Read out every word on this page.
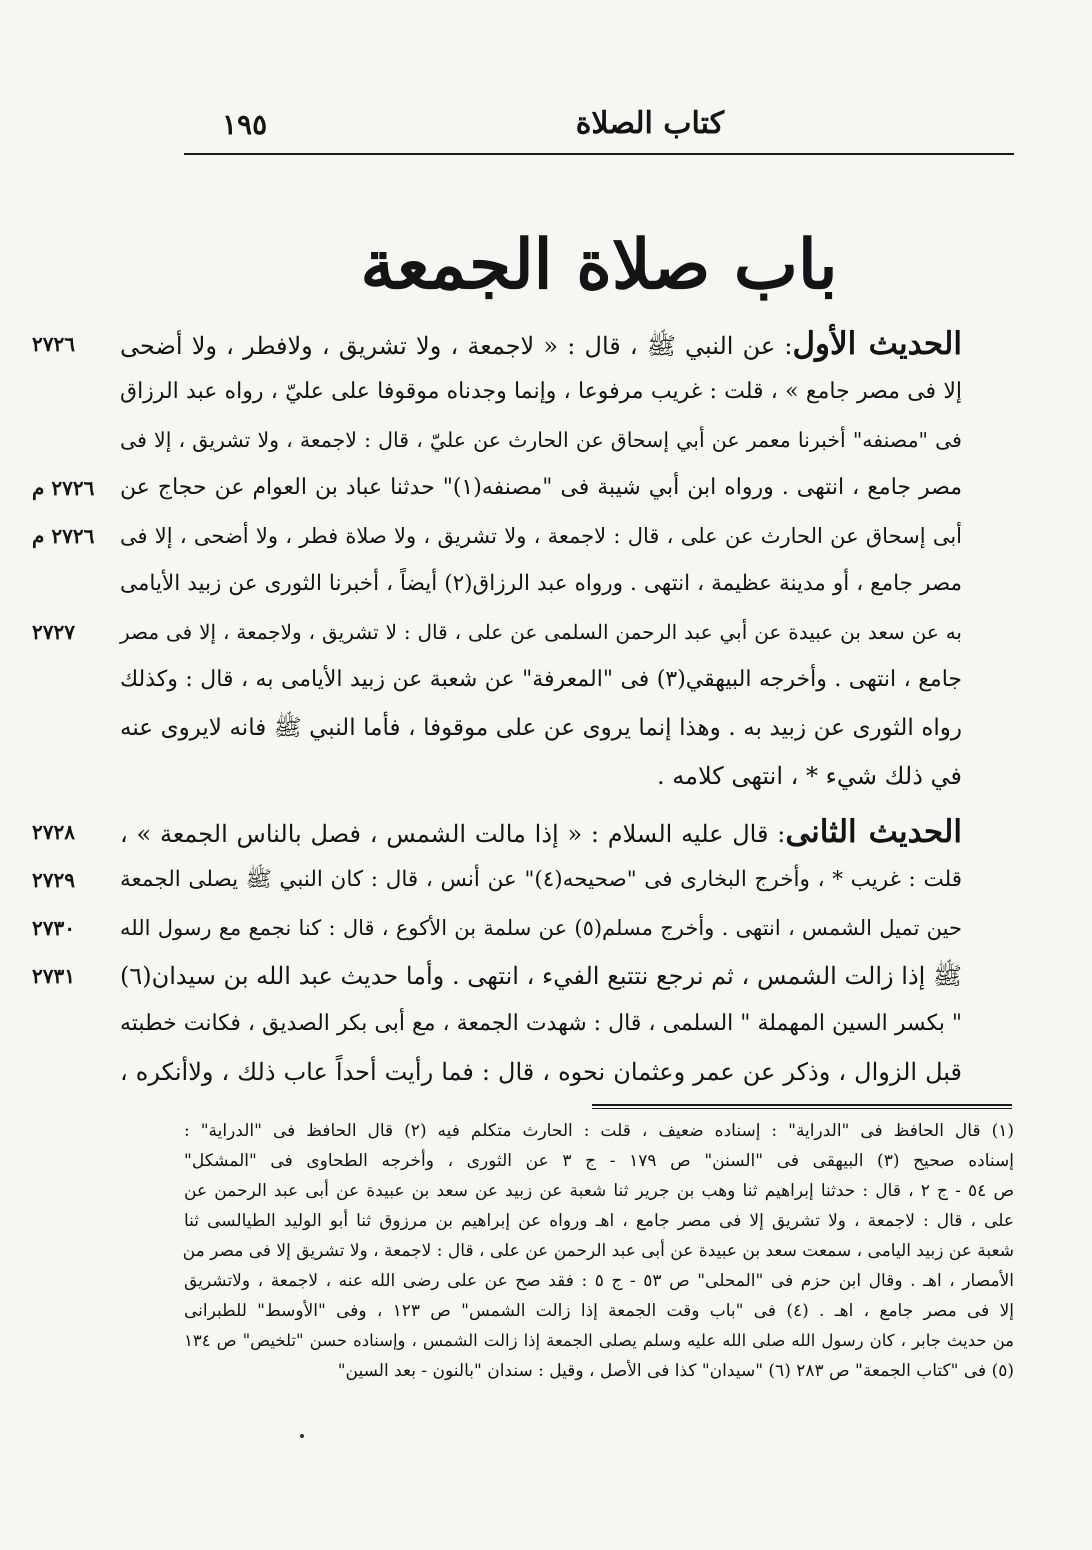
كتاب الصلاة
١٩٥
باب صلاة الجمعة
الحديث الأول: عن النبي ﷺ ، قال : « لاجمعة ، ولا تشريق ، ولافطر ، ولا أضحى
إلا فى مصر جامع » ، قلت : غريب مرفوعا ، وإنما وجدناه موقوفا على عليّ ، رواه عبد الرزاق
فى "مصنفه" أخبرنا معمر عن أبي إسحاق عن الحارث عن عليّ ، قال : لاجمعة ، ولا تشريق ، إلا فى
مصر جامع ، انتهى . ورواه ابن أبي شيبة فى "مصنفه(١)" حدثنا عباد بن العوام عن حجاج عن
أبى إسحاق عن الحارث عن على ، قال : لاجمعة ، ولا تشريق ، ولا صلاة فطر ، ولا أضحى ، إلا فى
مصر جامع ، أو مدينة عظيمة ، انتهى . ورواه عبد الرزاق(٢) أيضاً ، أخبرنا الثورى عن زبيد الأيامى
به عن سعد بن عبيدة عن أبي عبد الرحمن السلمى عن على ، قال : لا تشريق ، ولاجمعة ، إلا فى مصر
جامع ، انتهى . وأخرجه البيهقي(٣) فى "المعرفة" عن شعبة عن زبيد الأيامى به ، قال : وكذلك
رواه الثورى عن زبيد به . وهذا إنما يروى عن على موقوفا ، فأما النبي ﷺ فانه لايروى عنه
في ذلك شيء * ، انتهى كلامه .
الحديث الثانى: قال عليه السلام : « إذا مالت الشمس ، فصل بالناس الجمعة » ،
قلت : غريب * ، وأخرج البخارى فى "صحيحه(٤)" عن أنس ، قال : كان النبي ﷺ يصلى الجمعة
حين تميل الشمس ، انتهى . وأخرج مسلم(٥) عن سلمة بن الأكوع ، قال : كنا نجمع مع رسول الله
ﷺ إذا زالت الشمس ، ثم نرجع نتتبع الفيء ، انتهى . وأما حديث عبد الله بن سيدان(٦)
" بكسر السين المهملة " السلمى ، قال : شهدت الجمعة ، مع أبى بكر الصديق ، فكانت خطبته
قبل الزوال ، وذكر عن عمر وعثمان نحوه ، قال : فما رأيت أحداً عاب ذلك ، ولاأنكره ،
٢٧٢٦
٢٧٢٦ م
٢٧٢٦ م
٢٧٢٧
٢٧٢٨
٢٧٢٩
٢٧٣٠
٢٧٣١
(١) قال الحافظ فى "الدراية" : إسناده ضعيف ، قلت : الحارث متكلم فيه (٢) قال الحافظ فى "الدراية" :
إسناده صحيح (٣) البيهقى فى "السنن" ص ١٧٩ - ج ٣ عن الثورى ، وأخرجه الطحاوى فى "المشكل"
ص ٥٤ - ج ٢ ، قال : حدثنا إبراهيم ثنا وهب بن جرير ثنا شعبة عن زبيد عن سعد بن عبيدة عن أبى عبد الرحمن عن
على ، قال : لاجمعة ، ولا تشريق إلا فى مصر جامع ، اهـ ورواه عن إبراهيم بن مرزوق ثنا أبو الوليد الطيالسى ثنا
شعبة عن زبيد اليامى ، سمعت سعد بن عبيدة عن أبى عبد الرحمن عن على ، قال : لاجمعة ، ولا تشريق إلا فى مصر من
الأمصار ، اهـ . وقال ابن حزم فى "المحلى" ص ٥٣ - ج ٥ : فقد صح عن على رضى الله عنه ، لاجمعة ، ولاتشريق
إلا فى مصر جامع ، اهـ . (٤) فى "باب وقت الجمعة إذا زالت الشمس" ص ١٢٣ ، وفى "الأوسط" للطبرانى
من حديث جابر ، كان رسول الله صلى الله عليه وسلم يصلى الجمعة إذا زالت الشمس ، وإسناده حسن "تلخيص" ص ١٣٤
(٥) فى "كتاب الجمعة" ص ٢٨٣ (٦) "سيدان" كذا فى الأصل ، وقيل : سندان "بالنون - بعد السين"
